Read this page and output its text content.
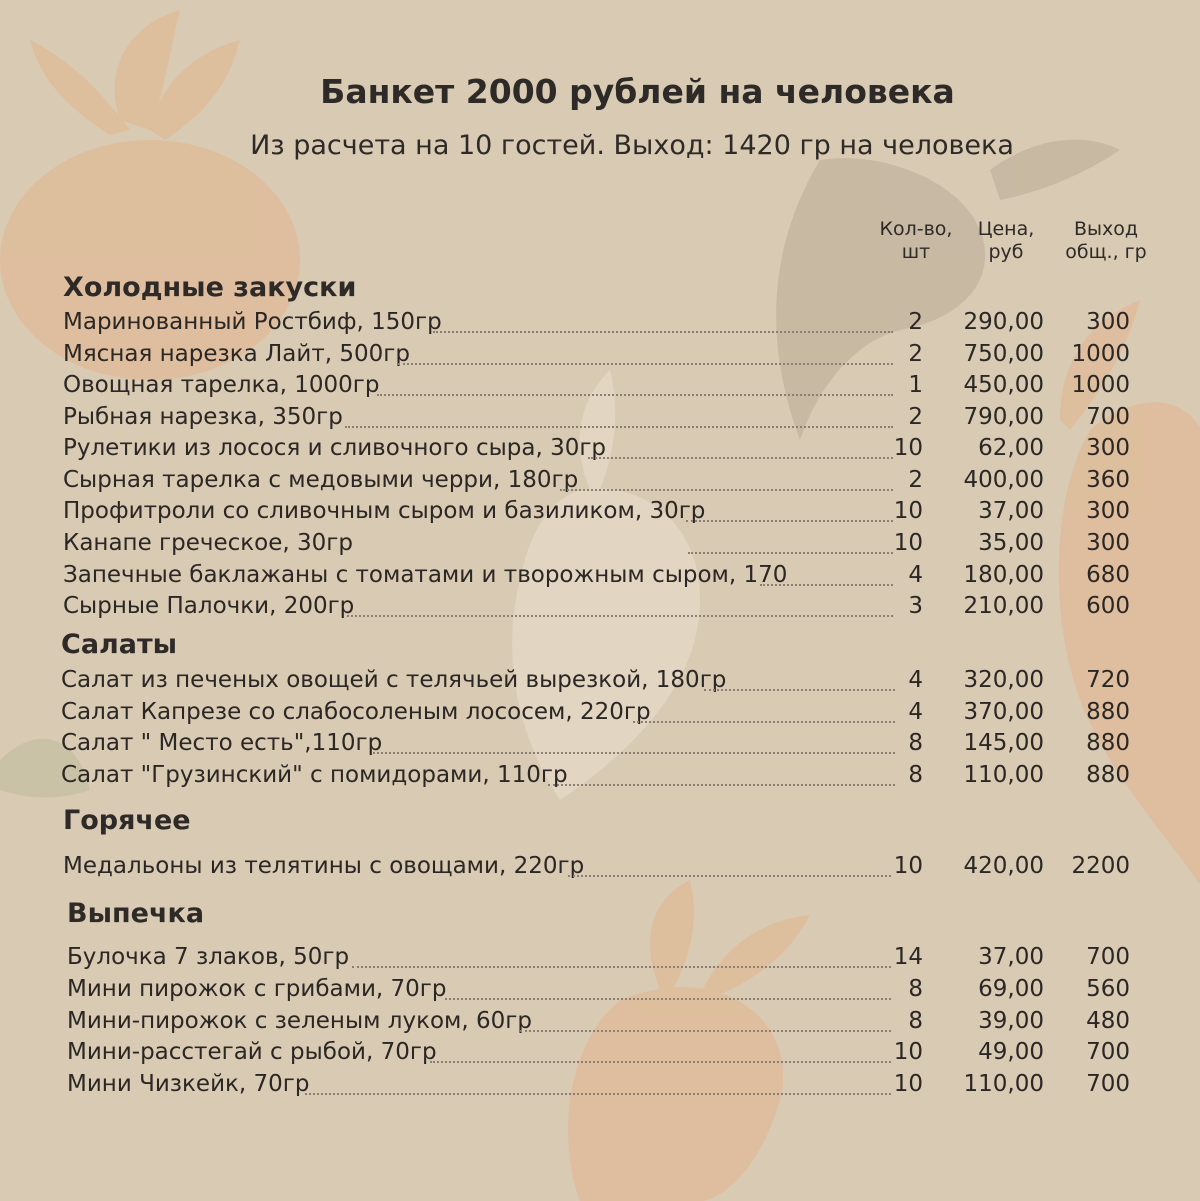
Банкет 2000 рублей на человека

Из расчета на 10 гостей. Выход: 1420 гр на человека

Кол-во,
шт
Цена,
руб
Выход
общ., гр
Холодные закуски
Маринованный Ростбиф, 150гр	2	290,00	300
Мясная нарезка Лайт, 500гр	2	750,00	1000
Овощная тарелка, 1000гр	1	450,00	1000
Рыбная нарезка, 350гр	2	790,00	700
Рулетики из лосося и сливочного сыра, 30гр	10	62,00	300
Сырная тарелка с медовыми черри, 180гр	2	400,00	360
Профитроли со сливочным сыром и базиликом, 30гр	10	37,00	300
Канапе греческое, 30гр	10	35,00	300
Запечные баклажаны с томатами и творожным сыром, 170	4	180,00	680
Сырные Палочки, 200гр	3	210,00	600
Салаты
Салат из печеных овощей с телячьей вырезкой, 180гр	4	320,00	720
Салат Капрезе со слабосоленым лососем, 220гр	4	370,00	880
Салат " Место есть",110гр	8	145,00	880
Салат "Грузинский" с помидорами, 110гр	8	110,00	880
Горячее
Медальоны из телятины с овощами, 220гр	10	420,00	2200
Выпечка
Булочка 7 злаков, 50гр	14	37,00	700
Мини пирожок с грибами, 70гр	8	69,00	560
Мини-пирожок с зеленым луком, 60гр	8	39,00	480
Мини-расстегай с рыбой, 70гр	10	49,00	700
Мини Чизкейк, 70гр	10	110,00	700
